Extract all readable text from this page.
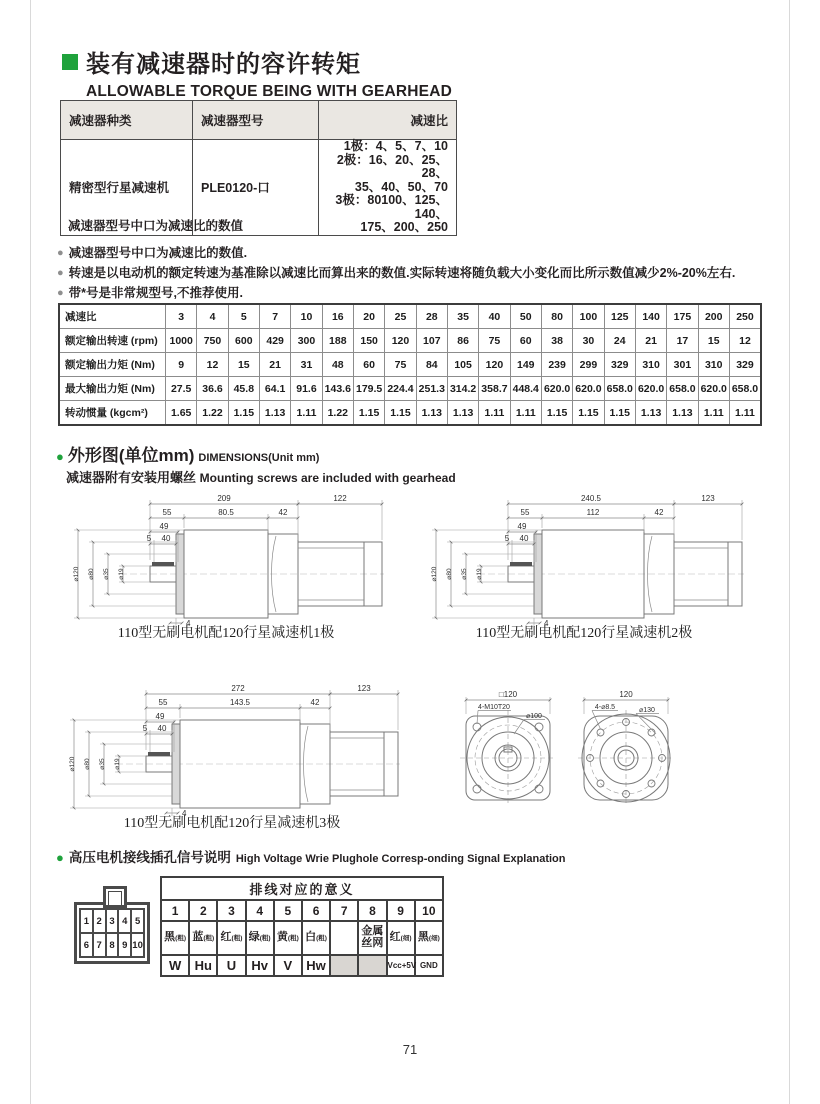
装有减速器时的容许转矩
ALLOWABLE TORQUE BEING WITH GEARHEAD
减速器种类	减速器型号	减速比
精密型行星减速机	PLE0120-口	1极：4、5、7、10
2极：16、20、25、28、
35、40、50、70
3极：80100、125、140、
175、200、250
减速器型号中口为减速比的数值
● 减速器型号中口为减速比的数值.
● 转速是以电动机的额定转速为基准除以减速比而算出来的数值.实际转速将随负载大小变化而比所示数值减少2%-20%左右.
● 带*号是非常规型号,不推荐使用.
减速比	3	4	5	7	10	16	20	25	28	35	40	50	80	100	125	140	175	200	250
额定输出转速 (rpm)	1000	750	600	429	300	188	150	120	107	86	75	60	38	30	24	21	17	15	12
额定输出力矩 (Nm)	9	12	15	21	31	48	60	75	84	105	120	149	239	299	329	310	301	310	329
最大输出力矩 (Nm)	27.5	36.6	45.8	64.1	91.6	143.6	179.5	224.4	251.3	314.2	358.7	448.4	620.0	620.0	658.0	620.0	658.0	620.0	658.0
转动惯量 (kgcm²)	1.65	1.22	1.15	1.13	1.11	1.22	1.15	1.15	1.13	1.13	1.11	1.11	1.15	1.15	1.15	1.13	1.13	1.11	1.11
● 外形图(单位mm) DIMENSIONS(Unit mm)
减速器附有安装用螺丝 Mounting screws are included with gearhead
209	122
55	80.5	42
49
5 40
⌀120 ⌀80 ⌀35 ⌀19
4
110型无刷电机配120行星减速机1极
240.5	123
55	112	42
49
5 40
⌀120 ⌀80 ⌀35 ⌀19
4
110型无刷电机配120行星减速机2极
272	123
55	143.5	42
49
5 40
⌀120 ⌀80 ⌀35 ⌀19
4
110型无刷电机配120行星减速机3极
□120
4-M10T20
⌀100
120
4-⌀8.5	⌀130
● 高压电机接线插孔信号说明 High Voltage Wrie Plughole Corresp-onding Signal Explanation
1 2 3 4 5
6 7 8 9 10
排线对应的意义									
1	2	3	4	5	6	7	8	9	10
黑(粗)	蓝(粗)	红(粗)	绿(粗)	黄(粗)	白(粗)		金属丝网	红(细)	黑(细)
W	Hu	U	Hv	V	Hw			Vcc+5V	GND
71
